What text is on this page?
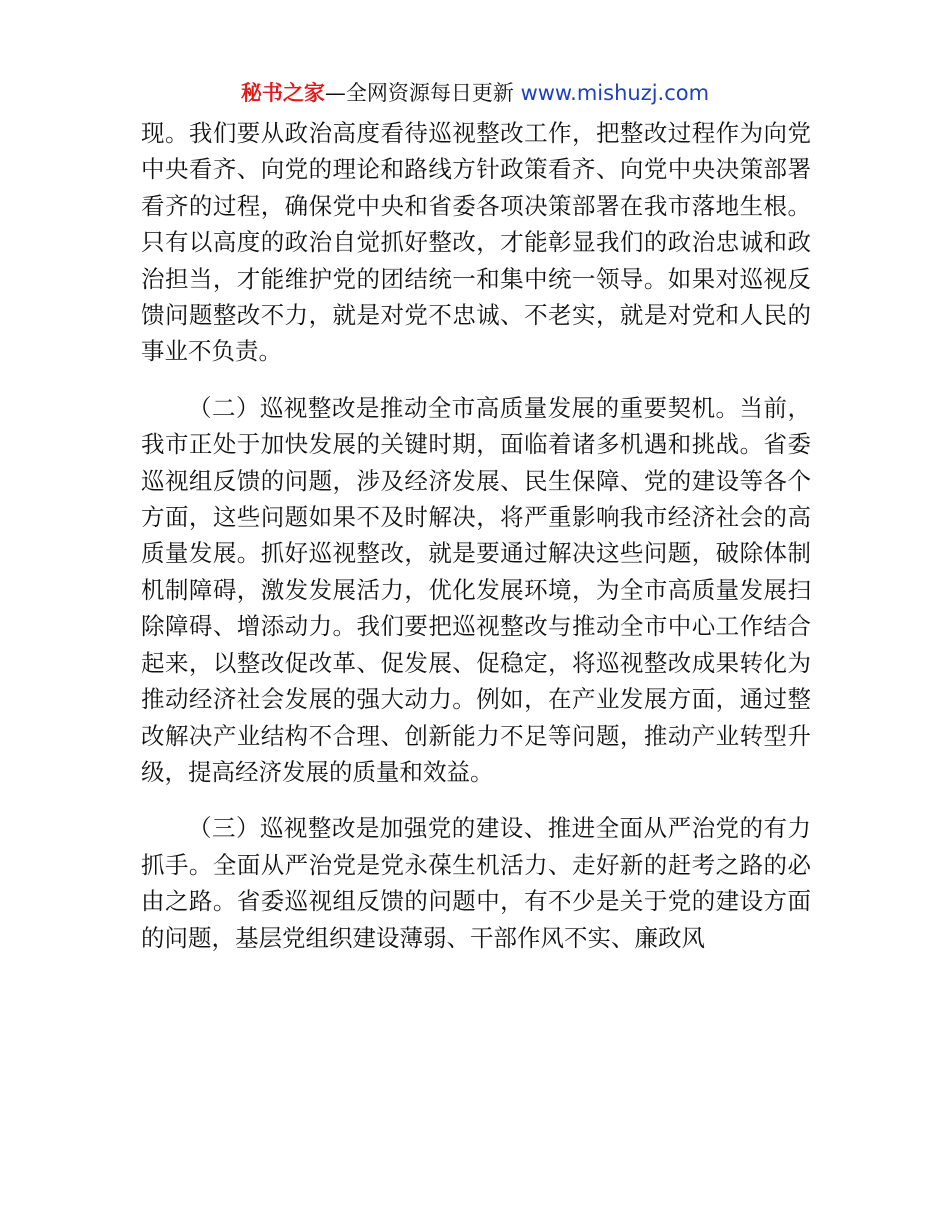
秘书之家—全网资源每日更新 www.mishuzj.com

现。我们要从政治高度看待巡视整改工作，把整改过程作为向党中央看齐、向党的理论和路线方针政策看齐、向党中央决策部署看齐的过程，确保党中央和省委各项决策部署在我市落地生根。只有以高度的政治自觉抓好整改，才能彰显我们的政治忠诚和政治担当，才能维护党的团结统一和集中统一领导。如果对巡视反馈问题整改不力，就是对党不忠诚、不老实，就是对党和人民的事业不负责。

（二）巡视整改是推动全市高质量发展的重要契机。当前，我市正处于加快发展的关键时期，面临着诸多机遇和挑战。省委巡视组反馈的问题，涉及经济发展、民生保障、党的建设等各个方面，这些问题如果不及时解决，将严重影响我市经济社会的高质量发展。抓好巡视整改，就是要通过解决这些问题，破除体制机制障碍，激发发展活力，优化发展环境，为全市高质量发展扫除障碍、增添动力。我们要把巡视整改与推动全市中心工作结合起来，以整改促改革、促发展、促稳定，将巡视整改成果转化为推动经济社会发展的强大动力。例如，在产业发展方面，通过整改解决产业结构不合理、创新能力不足等问题，推动产业转型升级，提高经济发展的质量和效益。

（三）巡视整改是加强党的建设、推进全面从严治党的有力抓手。全面从严治党是党永葆生机活力、走好新的赶考之路的必由之路。省委巡视组反馈的问题中，有不少是关于党的建设方面的问题，基层党组织建设薄弱、干部作风不实、廉政风
